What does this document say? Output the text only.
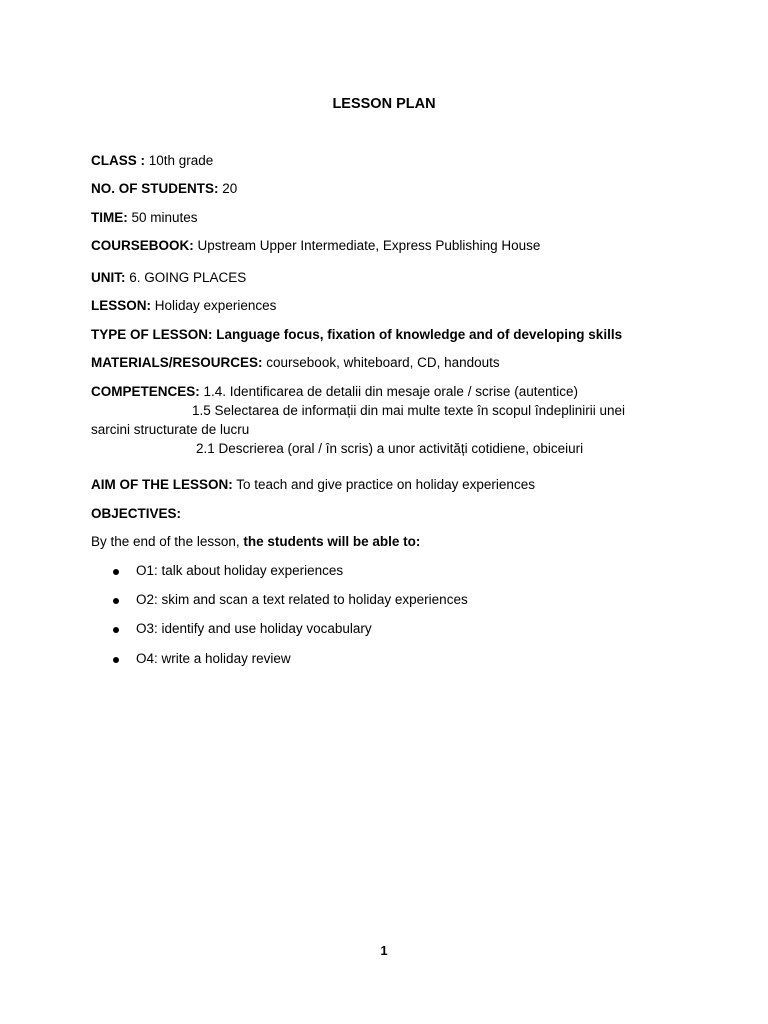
LESSON PLAN
CLASS : 10th grade
NO. OF STUDENTS: 20
TIME: 50 minutes
COURSEBOOK: Upstream Upper Intermediate, Express Publishing House
UNIT: 6. GOING PLACES
LESSON: Holiday experiences
TYPE OF LESSON: Language focus, fixation of knowledge and of developing skills
MATERIALS/RESOURCES: coursebook, whiteboard, CD, handouts
COMPETENCES: 1.4. Identificarea de detalii din mesaje orale / scrise (autentice)
1.5 Selectarea de informații din mai multe texte în scopul îndeplinirii unei
sarcini structurate de lucru
2.1 Descrierea (oral / în scris) a unor activități cotidiene, obiceiuri
AIM OF THE LESSON: To teach and give practice on holiday experiences
OBJECTIVES:
By the end of the lesson, the students will be able to:
O1: talk about holiday experiences
O2: skim and scan a text related to holiday experiences
O3: identify and use holiday vocabulary
O4: write a holiday review
1
